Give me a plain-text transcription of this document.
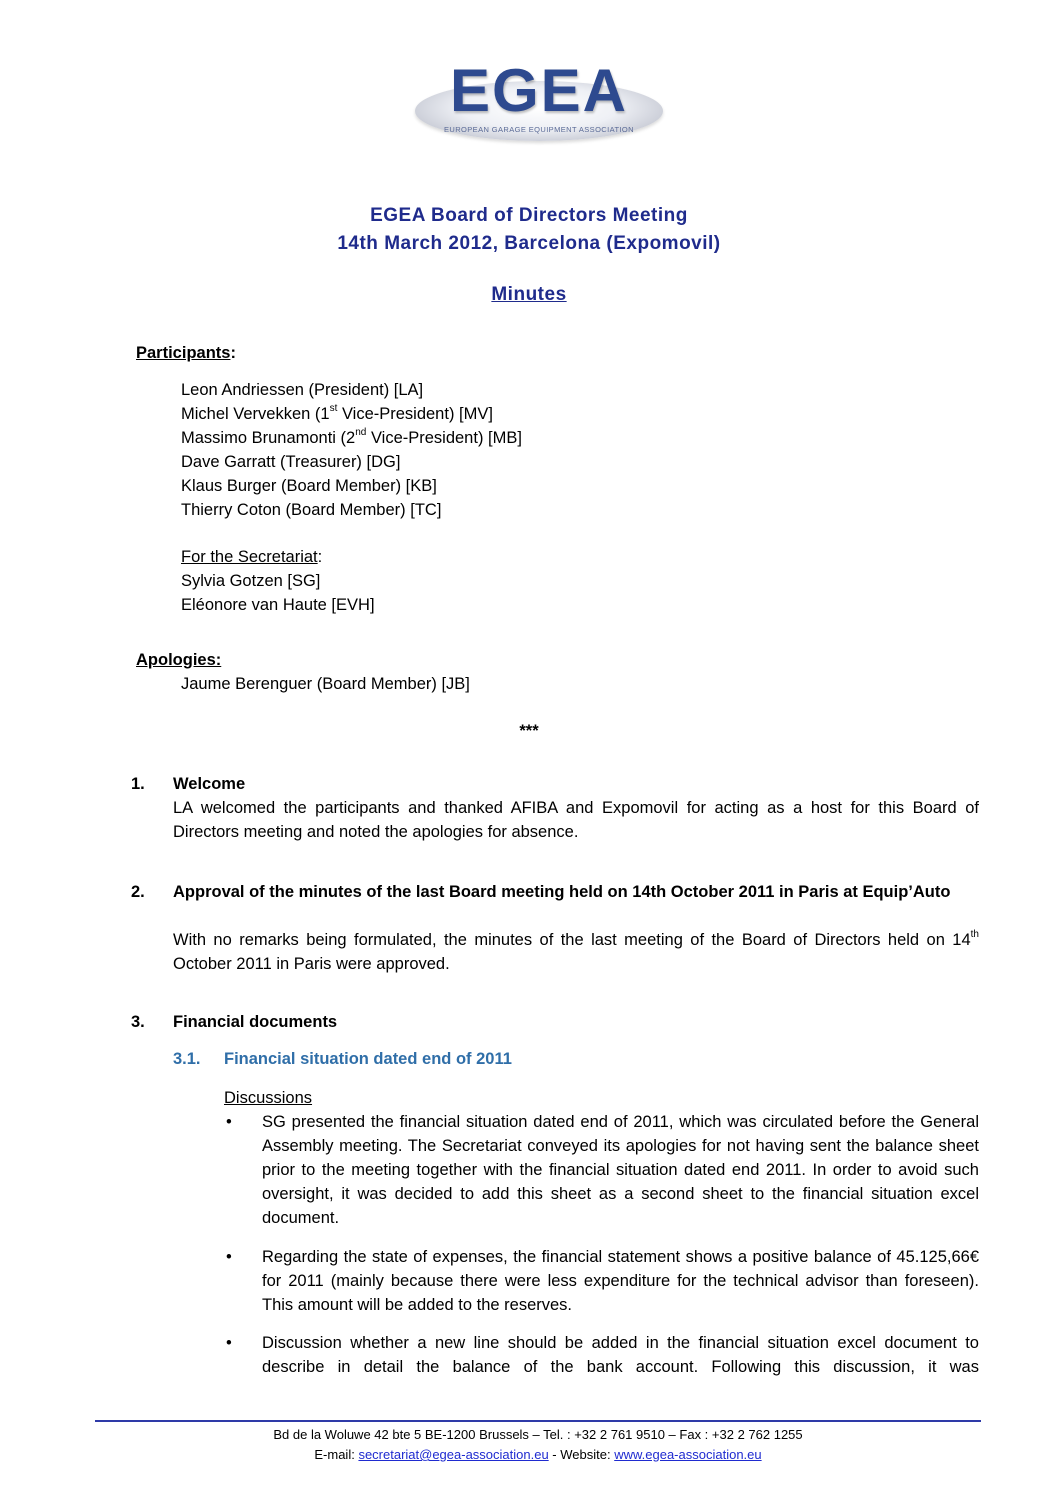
EGEA
EUROPEAN GARAGE EQUIPMENT ASSOCIATION
EGEA Board of Directors Meeting
14th March 2012, Barcelona (Expomovil)
Minutes
Participants:
Leon Andriessen (President) [LA]
Michel Vervekken (1st Vice-President) [MV]
Massimo Brunamonti (2nd Vice-President) [MB]
Dave Garratt (Treasurer) [DG]
Klaus Burger (Board Member) [KB]
Thierry Coton (Board Member) [TC]
For the Secretariat:
Sylvia Gotzen [SG]
Eléonore van Haute [EVH]
Apologies:
Jaume Berenguer (Board Member) [JB]
***
1. Welcome
LA welcomed the participants and thanked AFIBA and Expomovil for acting as a host for this Board of Directors meeting and noted the apologies for absence.
2. Approval of the minutes of the last Board meeting held on 14th October 2011 in Paris at Equip’Auto
With no remarks being formulated, the minutes of the last meeting of the Board of Directors held on 14th October 2011 in Paris were approved.
3. Financial documents
3.1. Financial situation dated end of 2011
Discussions
• SG presented the financial situation dated end of 2011, which was circulated before the General Assembly meeting. The Secretariat conveyed its apologies for not having sent the balance sheet prior to the meeting together with the financial situation dated end 2011. In order to avoid such oversight, it was decided to add this sheet as a second sheet to the financial situation excel document.
• Regarding the state of expenses, the financial statement shows a positive balance of 45.125,66€ for 2011 (mainly because there were less expenditure for the technical advisor than foreseen). This amount will be added to the reserves.
• Discussion whether a new line should be added in the financial situation excel document to describe in detail the balance of the bank account. Following this discussion, it was
Bd de la Woluwe 42 bte 5 BE-1200 Brussels – Tel. : +32 2 761 9510 – Fax : +32 2 762 1255
E-mail: secretariat@egea-association.eu - Website: www.egea-association.eu
